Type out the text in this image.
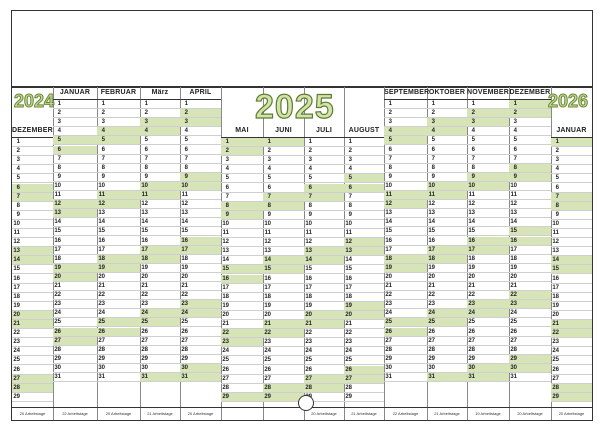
DEZEMBER
1
2
3
4
5
6
7
8
9
10
11
12
13
14
15
16
17
18
19
20
21
22
23
24
25
26
27
28
29
20 Arbeitstage
JANUAR
1
2
3
4
5
6
7
8
9
10
11
12
13
14
15
16
17
18
19
20
21
22
23
24
25
26
27
28
29
30
31
22 Arbeitstage
FEBRUAR
1
2
3
4
5
6
7
8
9
10
11
12
13
14
15
16
17
18
19
20
21
22
23
24
25
26
27
28
29
30
31
20 Arbeitstage
März
1
2
3
4
5
6
7
8
9
10
11
12
13
14
15
16
17
18
19
20
21
22
23
24
25
26
27
28
29
30
31
21 Arbeitstage
APRIL
1
2
3
4
5
6
7
8
9
10
11
12
13
14
15
16
17
18
19
20
21
22
23
24
25
26
27
28
29
30
31
20 Arbeitstage
MAI
1
2
3
4
5
6
7
8
9
10
11
12
13
14
15
16
17
18
19
20
21
22
23
24
25
26
27
28
29
JUNI
1
2
3
4
5
6
7
8
9
10
11
12
13
14
15
16
17
18
19
20
21
22
23
24
25
26
27
28
29
JULI
1
2
3
4
5
6
7
8
9
10
11
12
13
14
15
16
17
18
19
20
21
22
23
24
25
26
27
28
20 Arbeitstage
AUGUST
1
2
3
4
5
6
7
8
9
10
11
12
13
14
15
16
17
18
19
20
21
22
23
24
25
26
27
28
29
21 Arbeitstage
SEPTEMBER
1
2
3
4
5
6
7
8
9
10
11
12
13
14
15
16
17
18
19
20
21
22
23
24
25
26
27
28
29
30
31
22 Arbeitstage
OKTOBER
1
2
3
4
5
6
7
8
9
10
11
12
13
14
15
16
17
18
19
20
21
22
23
24
25
26
27
28
29
30
31
21 Arbeitstage
NOVEMBER
1
2
3
4
5
6
7
8
9
10
11
12
13
14
15
16
17
18
19
20
21
22
23
24
25
26
27
28
29
30
31
19 Arbeitstage
DEZEMBER
1
2
3
4
5
6
7
8
9
10
11
12
13
14
15
16
17
18
19
20
21
22
23
24
25
26
27
28
29
30
31
20 Arbeitstage
JANUAR
1
2
3
4
5
6
7
8
9
10
11
12
13
14
15
16
17
18
19
20
21
22
23
24
25
26
27
28
29
20 Arbeitstage
2024	2025	2026
